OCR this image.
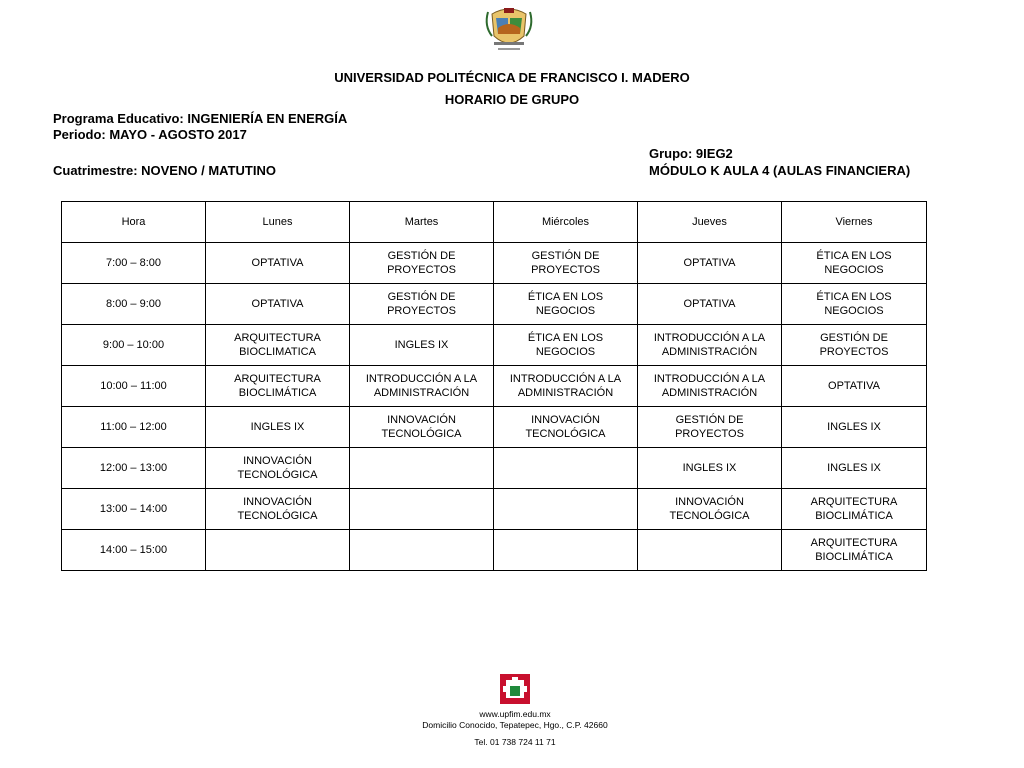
UNIVERSIDAD POLITÉCNICA DE FRANCISCO I. MADERO
HORARIO DE GRUPO
Programa Educativo: INGENIERÍA EN ENERGÍA
Periodo: MAYO - AGOSTO 2017
Cuatrimestre: NOVENO / MATUTINO
Grupo: 9IEG2
MÓDULO K AULA 4 (AULAS FINANCIERA)
Hora	Lunes	Martes	Miércoles	Jueves	Viernes
7:00 – 8:00	OPTATIVA	GESTIÓN DE PROYECTOS	GESTIÓN DE PROYECTOS	OPTATIVA	ÉTICA EN LOS NEGOCIOS
8:00 – 9:00	OPTATIVA	GESTIÓN DE PROYECTOS	ÉTICA EN LOS NEGOCIOS	OPTATIVA	ÉTICA EN LOS NEGOCIOS
9:00 – 10:00	ARQUITECTURA BIOCLIMATICA	INGLES IX	ÉTICA EN LOS NEGOCIOS	INTRODUCCIÓN A LA ADMINISTRACIÓN	GESTIÓN DE PROYECTOS
10:00 – 11:00	ARQUITECTURA BIOCLIMÁTICA	INTRODUCCIÓN A LA ADMINISTRACIÓN	INTRODUCCIÓN A LA ADMINISTRACIÓN	INTRODUCCIÓN A LA ADMINISTRACIÓN	OPTATIVA
11:00 – 12:00	INGLES IX	INNOVACIÓN TECNOLÓGICA	INNOVACIÓN TECNOLÓGICA	GESTIÓN DE PROYECTOS	INGLES IX
12:00 – 13:00	INNOVACIÓN TECNOLÓGICA			INGLES IX	INGLES IX
13:00 – 14:00	INNOVACIÓN TECNOLÓGICA			INNOVACIÓN TECNOLÓGICA	ARQUITECTURA BIOCLIMÁTICA
14:00 – 15:00					ARQUITECTURA BIOCLIMÁTICA
www.upfim.edu.mx
Domicilio Conocido, Tepatepec, Hgo., C.P. 42660
Tel. 01 738 724 11 71
